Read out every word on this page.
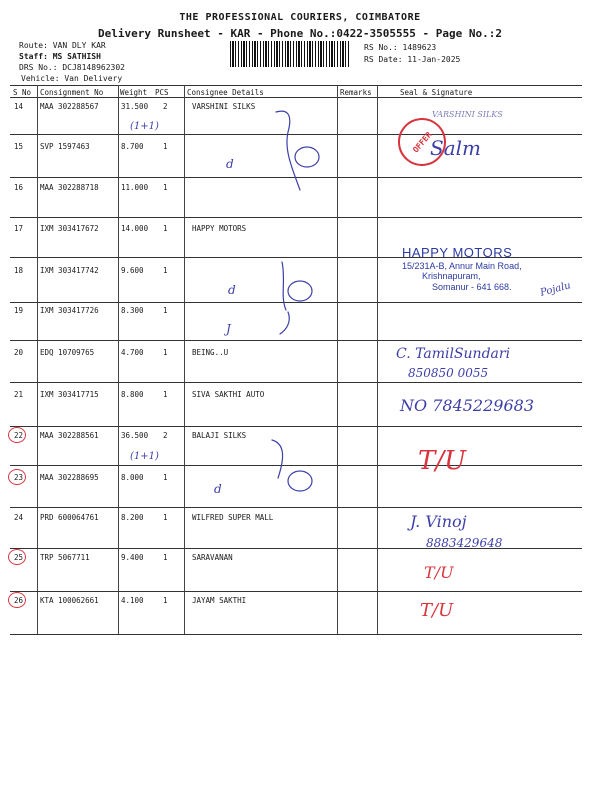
THE PROFESSIONAL COURIERS, COIMBATORE
Delivery Runsheet - KAR - Phone No.:0422-3505555 - Page No.:2
Route: VAN DLY KAR
Staff: MS SATHISH
DRS No.: DCJ8148962302
Vehicle: Van Delivery
RS No.: 1489623
RS Date: 11-Jan-2025
S No Consignment No Weight PCS Consignee Details	Remarks	Seal & Signature
14 MAA 302288567	31.500 2	VARSHINI SILKS
15 SVP 1597463	8.700	1
16 MAA 302288718	11.000 1
17 IXM 303417672	14.000 1	HAPPY MOTORS
18 IXM 303417742	9.600	1
19 IXM 303417726	8.300	1
20 EDQ 10709765	4.700	1	BEING..U
21 IXM 303417715	8.800	1	SIVA SAKTHI AUTO
22 MAA 302288561	36.500 2	BALAJI SILKS
23 MAA 302288695	8.000	1
24 PRD 600064761	8.200	1	WILFRED SUPER MALL
25 TRP 5067711	9.400	1	SARAVANAN
26 KTA 100062661	4.100	1	JAYAM SAKTHI
(1+1)
(1+1)
OFFER
VARSHINI SILKS
Salm
d
d
J
d
HAPPY MOTORS
15/231A-B, Annur Main Road,
Krishnapuram,
Somanur - 641 668.	Pojalu
C. TamilSundari
850850 0055
NO 7845229683
T/U
T/U
T/U
J. Vinoj
8883429648
